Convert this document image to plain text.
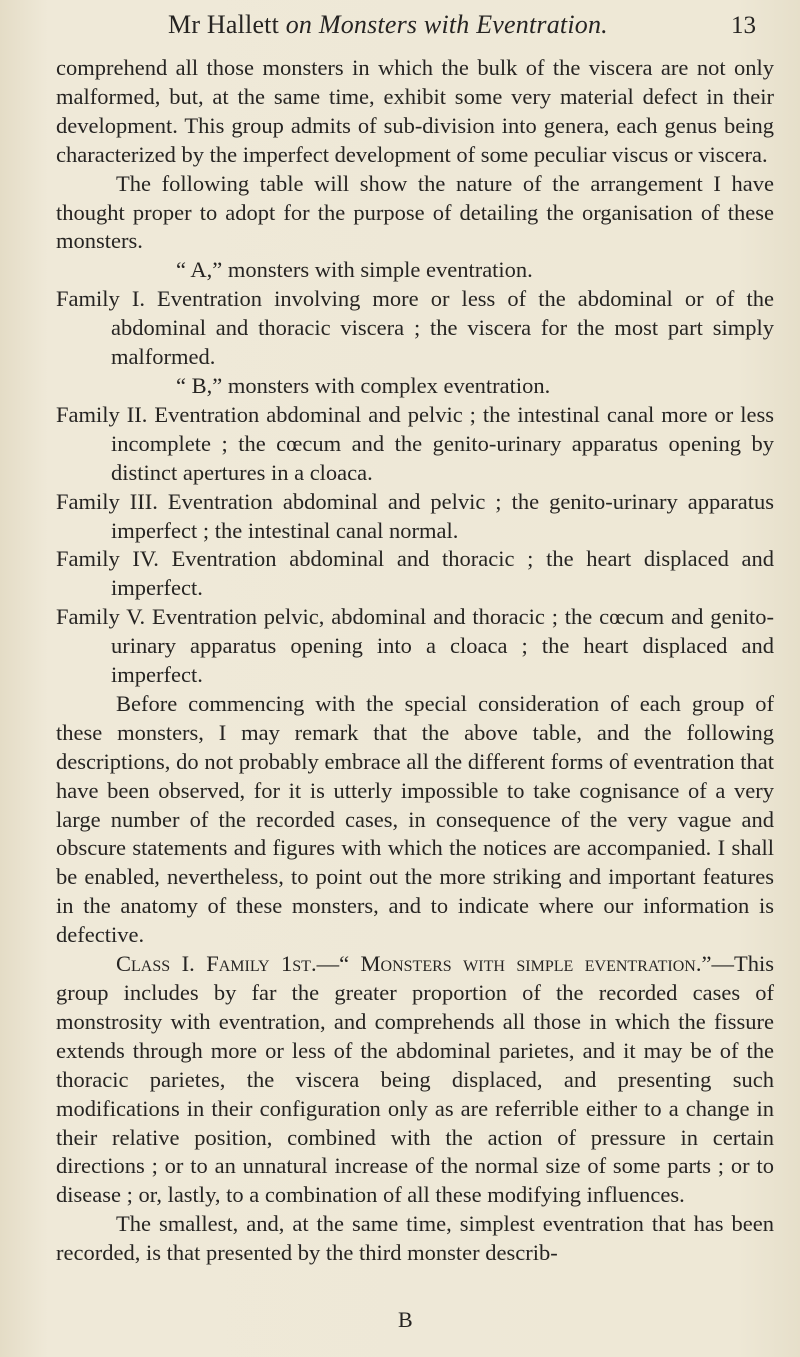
Mr Hallett on Monsters with Eventration.	13

comprehend all those monsters in which the bulk of the viscera are not only malformed, but, at the same time, exhibit some very material defect in their development. This group admits of sub-division into genera, each genus being characterized by the imperfect development of some peculiar viscus or viscera.

The following table will show the nature of the arrangement I have thought proper to adopt for the purpose of detailing the organisation of these monsters.

“ A,” monsters with simple eventration.

Family I. Eventration involving more or less of the abdominal or of the abdominal and thoracic viscera ; the viscera for the most part simply malformed.

“ B,” monsters with complex eventration.

Family II. Eventration abdominal and pelvic ; the intestinal canal more or less incomplete ; the cœcum and the genito-urinary apparatus opening by distinct apertures in a cloaca.

Family III. Eventration abdominal and pelvic ; the genito-urinary apparatus imperfect ; the intestinal canal normal.

Family IV. Eventration abdominal and thoracic ; the heart displaced and imperfect.

Family V. Eventration pelvic, abdominal and thoracic ; the cœcum and genito-urinary apparatus opening into a cloaca ; the heart displaced and imperfect.

Before commencing with the special consideration of each group of these monsters, I may remark that the above table, and the following descriptions, do not probably embrace all the different forms of eventration that have been observed, for it is utterly impossible to take cognisance of a very large number of the recorded cases, in consequence of the very vague and obscure statements and figures with which the notices are accompanied. I shall be enabled, nevertheless, to point out the more striking and important features in the anatomy of these monsters, and to indicate where our information is defective.

Class I. Family 1st.—“ Monsters with simple eventration.”—This group includes by far the greater proportion of the recorded cases of monstrosity with eventration, and comprehends all those in which the fissure extends through more or less of the abdominal parietes, and it may be of the thoracic parietes, the viscera being displaced, and presenting such modifications in their configuration only as are referrible either to a change in their relative position, combined with the action of pressure in certain directions ; or to an unnatural increase of the normal size of some parts ; or to disease ; or, lastly, to a combination of all these modifying influences.

The smallest, and, at the same time, simplest eventration that has been recorded, is that presented by the third monster describ-

B
